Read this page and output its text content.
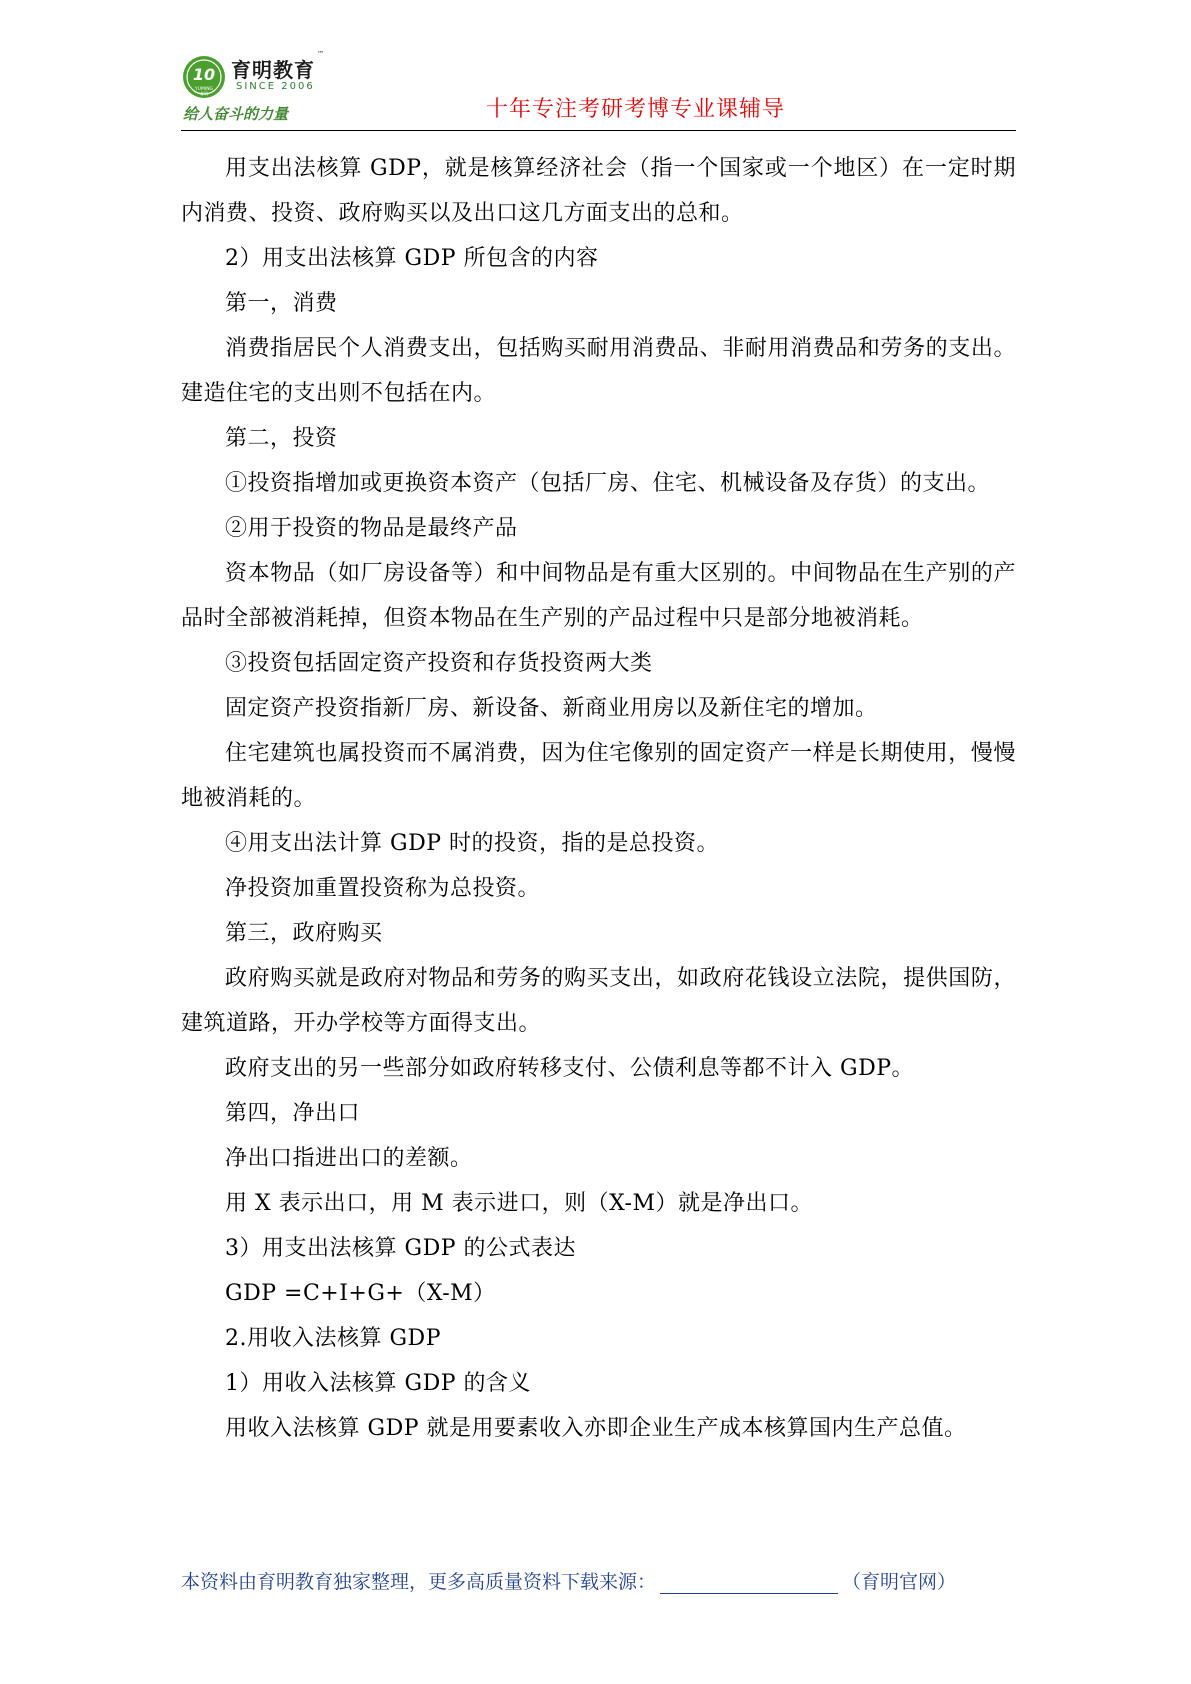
10
YUMING
育明
育明教育
™
SINCE 2006
给人奋斗的力量	十年专注考研考博专业课辅导

用支出法核算 GDP，就是核算经济社会（指一个国家或一个地区）在一定时期内消费、投资、政府购买以及出口这几方面支出的总和。

2）用支出法核算 GDP 所包含的内容

第一，消费

消费指居民个人消费支出，包括购买耐用消费品、非耐用消费品和劳务的支出。建造住宅的支出则不包括在内。

第二，投资

①投资指增加或更换资本资产（包括厂房、住宅、机械设备及存货）的支出。

②用于投资的物品是最终产品

资本物品（如厂房设备等）和中间物品是有重大区别的。中间物品在生产别的产品时全部被消耗掉，但资本物品在生产别的产品过程中只是部分地被消耗。

③投资包括固定资产投资和存货投资两大类

固定资产投资指新厂房、新设备、新商业用房以及新住宅的增加。

住宅建筑也属投资而不属消费，因为住宅像别的固定资产一样是长期使用，慢慢地被消耗的。

④用支出法计算 GDP 时的投资，指的是总投资。

净投资加重置投资称为总投资。

第三，政府购买

政府购买就是政府对物品和劳务的购买支出，如政府花钱设立法院，提供国防，建筑道路，开办学校等方面得支出。

政府支出的另一些部分如政府转移支付、公债利息等都不计入 GDP。

第四，净出口

净出口指进出口的差额。

用 X 表示出口，用 M 表示进口，则（X-M）就是净出口。

3）用支出法核算 GDP 的公式表达

GDP =C+I+G+（X-M）

2.用收入法核算 GDP

1）用收入法核算 GDP 的含义

用收入法核算 GDP 就是用要素收入亦即企业生产成本核算国内生产总值。

本资料由育明教育独家整理，更多高质量资料下载来源：	（育明官网）
